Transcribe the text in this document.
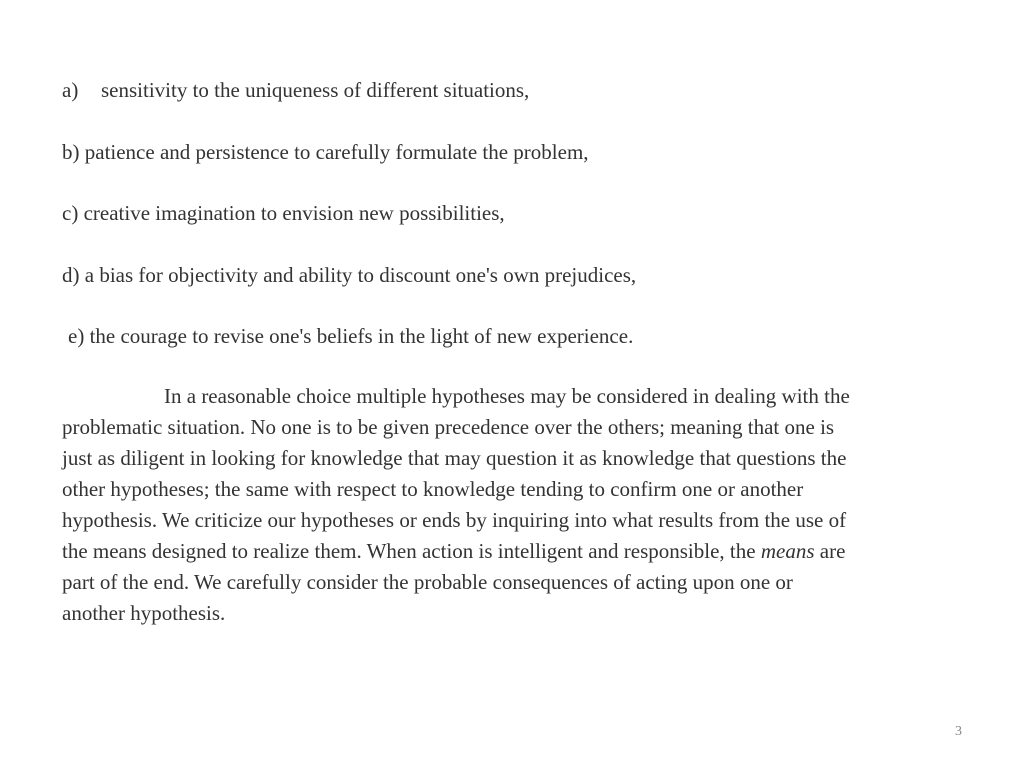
a) sensitivity to the uniqueness of different situations,
b) patience and persistence to carefully formulate the problem,
c) creative imagination to envision new possibilities,
d) a bias for objectivity and ability to discount one's own prejudices,
e) the courage to revise one's beliefs in the light of new experience.
In a reasonable choice multiple hypotheses may be considered in dealing with the
problematic situation. No one is to be given precedence over the others; meaning that one is
just as diligent in looking for knowledge that may question it as knowledge that questions the
other hypotheses; the same with respect to knowledge tending to confirm one or another
hypothesis. We criticize our hypotheses or ends by inquiring into what results from the use of
the means designed to realize them. When action is intelligent and responsible, the means are
part of the end. We carefully consider the probable consequences of acting upon one or
another hypothesis.
3
